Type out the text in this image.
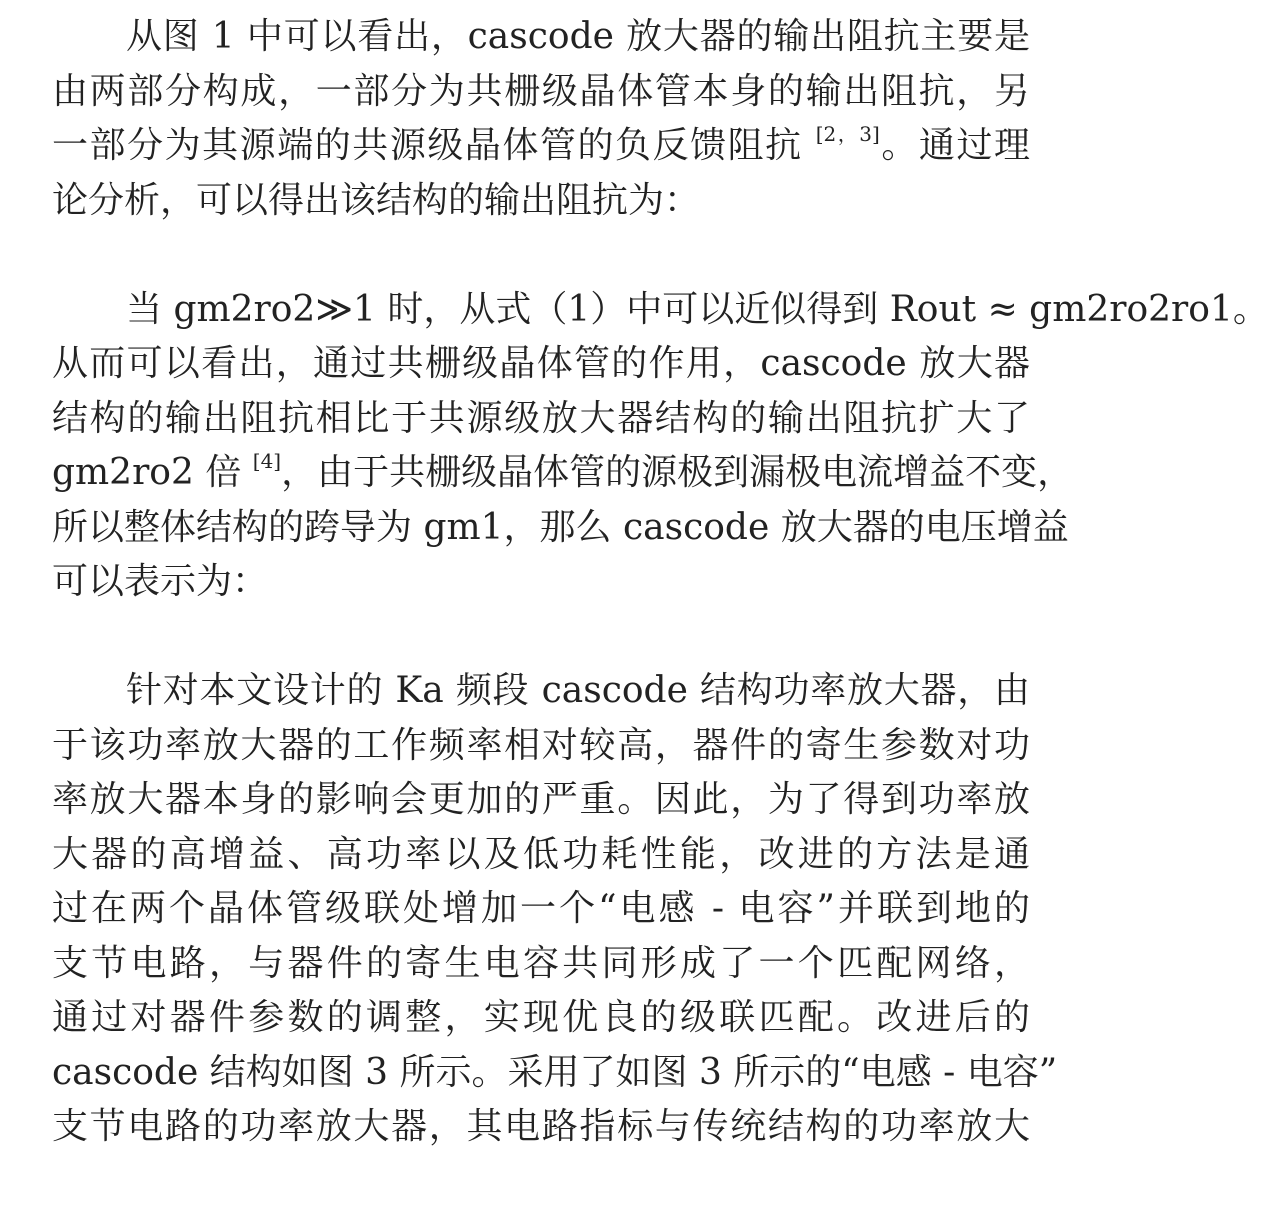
从图 1 中可以看出，cascode 放大器的输出阻抗主要是
由两部分构成，一部分为共栅级晶体管本身的输出阻抗，另
一部分为其源端的共源级晶体管的负反馈阻抗 [2，3]。通过理
论分析，可以得出该结构的输出阻抗为：
当 gm2ro2≫1 时，从式（1）中可以近似得到 Rout ≈ gm2ro2ro1。
从而可以看出，通过共栅级晶体管的作用，cascode 放大器
结构的输出阻抗相比于共源级放大器结构的输出阻抗扩大了
gm2ro2 倍 [4]，由于共栅级晶体管的源极到漏极电流增益不变，
所以整体结构的跨导为 gm1，那么 cascode 放大器的电压增益
可以表示为：
针对本文设计的 Ka 频段 cascode 结构功率放大器，由
于该功率放大器的工作频率相对较高，器件的寄生参数对功
率放大器本身的影响会更加的严重。因此，为了得到功率放
大器的高增益、高功率以及低功耗性能，改进的方法是通
过在两个晶体管级联处增加一个“电感 - 电容”并联到地的
支节电路，与器件的寄生电容共同形成了一个匹配网络，
通过对器件参数的调整，实现优良的级联匹配。改进后的
cascode 结构如图 3 所示。采用了如图 3 所示的“电感 - 电容”
支节电路的功率放大器，其电路指标与传统结构的功率放大
